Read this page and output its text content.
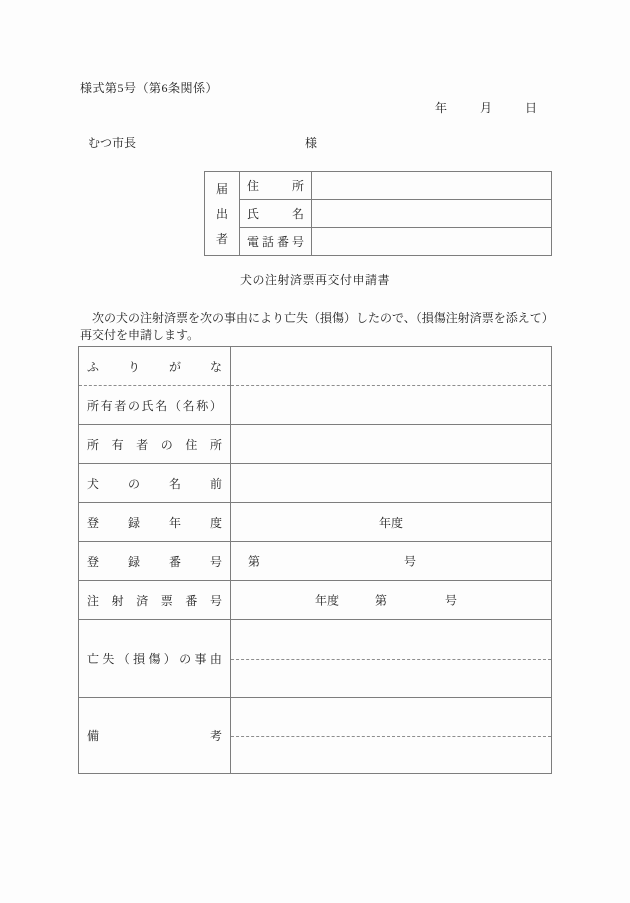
様式第5号（第6条関係）
年	月	日
むつ市長	様
届
出
者	住 所	

	氏 名	

	電 話 番 号	

犬の注射済票再交付申請書
　次の犬の注射済票を次の事由により亡失（損傷）したので、（損傷注射済票を添えて）
再交付を申請します。
ふ り が な	

所 有 者 の 氏 名 （ 名 称 ）

所 有 者 の 住 所

犬 の 名 前	

登 録 年 度	年度

登 録 番 号	第 号

注 射 済 票 番 号	年度	第	号

亡 失 （ 損 傷 ） の 事 由

備 考	
